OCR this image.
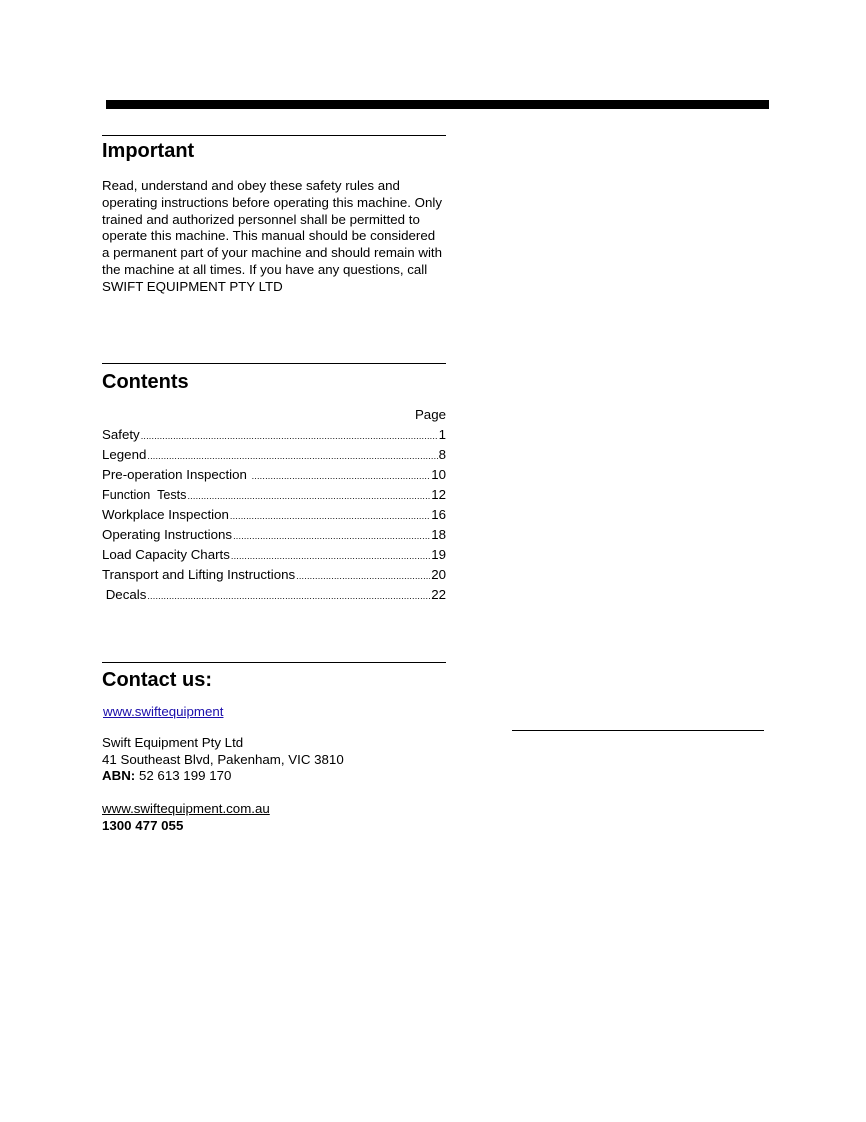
Important

Read, understand and obey these safety rules and operating instructions before operating this machine. Only trained and authorized personnel shall be permitted to operate this machine. This manual should be considered a permanent part of your machine and should remain with the machine at all times. If you have any questions, call SWIFT EQUIPMENT PTY LTD

Contents
Page
Safety .....	1
Legend .....	8
Pre-operation Inspection .....	10
Function  Tests .....	12
Workplace Inspection .....	16
Operating Instructions .....	18
Load Capacity Charts .....	19
Transport and Lifting Instructions .....	20
Decals .....	22
Contact us:
www.swiftequipment
Swift Equipment Pty Ltd
41 Southeast Blvd, Pakenham, VIC 3810
ABN: 52 613 199 170
www.swiftequipment.com.au
1300 477 055
